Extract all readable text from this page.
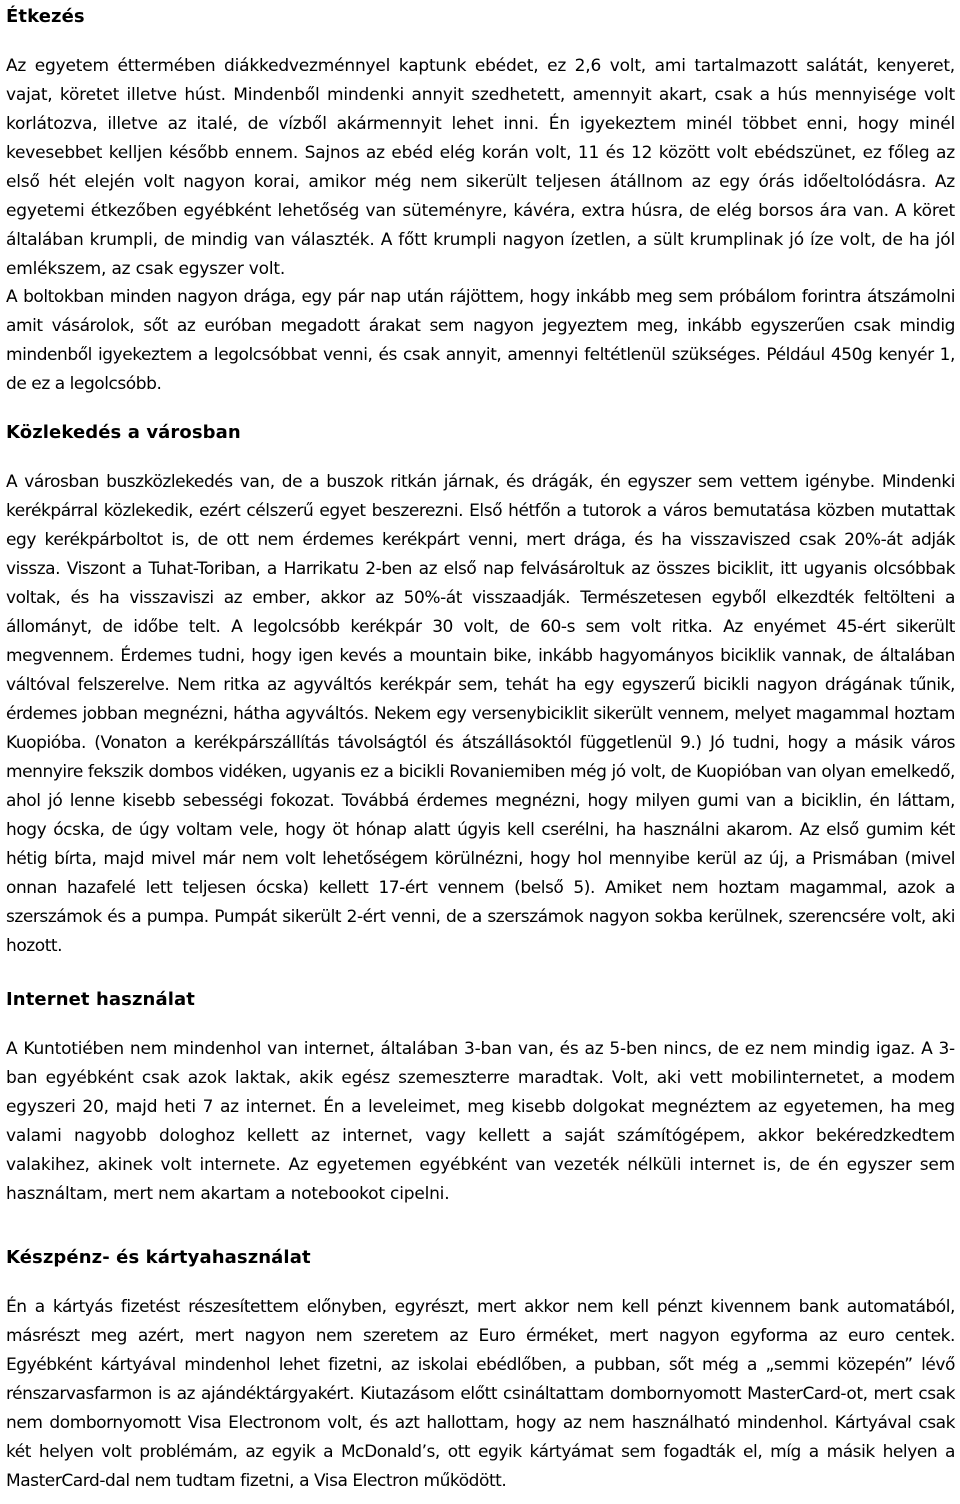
Étkezés

Az egyetem éttermében diákkedvezménnyel kaptunk ebédet, ez 2,6 volt, ami tartalmazott salátát, kenyeret, vajat, köretet illetve húst. Mindenből mindenki annyit szedhetett, amennyit akart, csak a hús mennyisége volt korlátozva, illetve az italé, de vízből akármennyit lehet inni. Én igyekeztem minél többet enni, hogy minél kevesebbet kelljen később ennem. Sajnos az ebéd elég korán volt, 11 és 12 között volt ebédszünet, ez főleg az első hét elején volt nagyon korai, amikor még nem sikerült teljesen átállnom az egy órás időeltolódásra. Az egyetemi étkezőben egyébként lehetőség van süteményre, kávéra, extra húsra, de elég borsos ára van. A köret általában krumpli, de mindig van választék. A főtt krumpli nagyon ízetlen, a sült krumplinak jó íze volt, de ha jól emlékszem, az csak egyszer volt.

A boltokban minden nagyon drága, egy pár nap után rájöttem, hogy inkább meg sem próbálom forintra átszámolni amit vásárolok, sőt az euróban megadott árakat sem nagyon jegyeztem meg, inkább egyszerűen csak mindig mindenből igyekeztem a legolcsóbbat venni, és csak annyit, amennyi feltétlenül szükséges. Például 450g kenyér 1, de ez a legolcsóbb.

Közlekedés a városban

A városban buszközlekedés van, de a buszok ritkán járnak, és drágák, én egyszer sem vettem igénybe. Mindenki kerékpárral közlekedik, ezért célszerű egyet beszerezni. Első hétfőn a tutorok a város bemutatása közben mutattak egy kerékpárboltot is, de ott nem érdemes kerékpárt venni, mert drága, és ha visszaviszed csak 20%-át adják vissza. Viszont a Tuhat-Toriban, a Harrikatu 2-ben az első nap felvásároltuk az összes biciklit, itt ugyanis olcsóbbak voltak, és ha visszaviszi az ember, akkor az 50%-át visszaadják. Természetesen egyből elkezdték feltölteni a állományt, de időbe telt. A legolcsóbb kerékpár 30 volt, de 60-s sem volt ritka. Az enyémet 45-ért sikerült megvennem. Érdemes tudni, hogy igen kevés a mountain bike, inkább hagyományos biciklik vannak, de általában váltóval felszerelve. Nem ritka az agyváltós kerékpár sem, tehát ha egy egyszerű bicikli nagyon drágának tűnik, érdemes jobban megnézni, hátha agyváltós. Nekem egy versenybiciklit sikerült vennem, melyet magammal hoztam Kuopióba. (Vonaton a kerékpárszállítás távolságtól és átszállásoktól függetlenül 9.) Jó tudni, hogy a másik város mennyire fekszik dombos vidéken, ugyanis ez a bicikli Rovaniemiben még jó volt, de Kuopióban van olyan emelkedő, ahol jó lenne kisebb sebességi fokozat. Továbbá érdemes megnézni, hogy milyen gumi van a biciklin, én láttam, hogy ócska, de úgy voltam vele, hogy öt hónap alatt úgyis kell cserélni, ha használni akarom. Az első gumim két hétig bírta, majd mivel már nem volt lehetőségem körülnézni, hogy hol mennyibe kerül az új, a Prismában (mivel onnan hazafelé lett teljesen ócska) kellett 17-ért vennem (belső 5). Amiket nem hoztam magammal, azok a szerszámok és a pumpa. Pumpát sikerült 2-ért venni, de a szerszámok nagyon sokba kerülnek, szerencsére volt, aki hozott.

Internet használat

A Kuntotiében nem mindenhol van internet, általában 3-ban van, és az 5-ben nincs, de ez nem mindig igaz. A 3-ban egyébként csak azok laktak, akik egész szemeszterre maradtak. Volt, aki vett mobilinternetet, a modem egyszeri 20, majd heti 7 az internet. Én a leveleimet, meg kisebb dolgokat megnéztem az egyetemen, ha meg valami nagyobb dologhoz kellett az internet, vagy kellett a saját számítógépem, akkor bekéredzkedtem valakihez, akinek volt internete. Az egyetemen egyébként van vezeték nélküli internet is, de én egyszer sem használtam, mert nem akartam a notebookot cipelni.

Készpénz- és kártyahasználat

Én a kártyás fizetést részesítettem előnyben, egyrészt, mert akkor nem kell pénzt kivennem bank automatából, másrészt meg azért, mert nagyon nem szeretem az Euro érméket, mert nagyon egyforma az euro centek. Egyébként kártyával mindenhol lehet fizetni, az iskolai ebédlőben, a pubban, sőt még a „semmi közepén” lévő rénszarvasfarmon is az ajándéktárgyakért. Kiutazásom előtt csináltattam dombornyomott MasterCard-ot, mert csak nem dombornyomott Visa Electronom volt, és azt hallottam, hogy az nem használható mindenhol. Kártyával csak két helyen volt problémám, az egyik a McDonald’s, ott egyik kártyámat sem fogadták el, míg a másik helyen a MasterCard-dal nem tudtam fizetni, a Visa Electron működött.
